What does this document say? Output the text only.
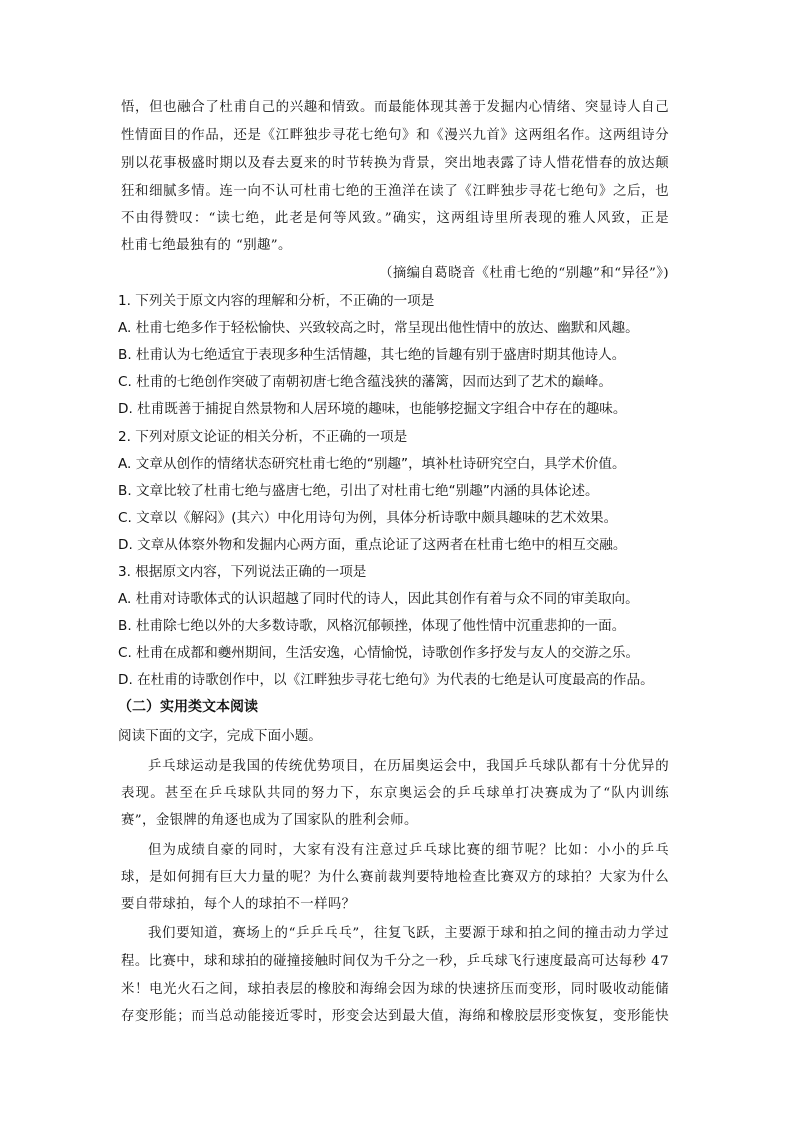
悟，但也融合了杜甫自己的兴趣和情致。而最能体现其善于发掘内心情绪、突显诗人自己
性情面目的作品，还是《江畔独步寻花七绝句》和《漫兴九首》这两组名作。这两组诗分
别以花事极盛时期以及春去夏来的时节转换为背景，突出地表露了诗人惜花惜春的放达颠
狂和细腻多情。连一向不认可杜甫七绝的王渔洋在读了《江畔独步寻花七绝句》之后，也
不由得赞叹：“读七绝，此老是何等风致。”确实，这两组诗里所表现的雅人风致，正是
杜甫七绝最独有的 “别趣”。
（摘编自葛晓音《杜甫七绝的“别趣”和“异径”》)
1. 下列关于原文内容的理解和分析，不正确的一项是
A. 杜甫七绝多作于轻松愉快、兴致较高之时，常呈现出他性情中的放达、幽默和风趣。
B. 杜甫认为七绝适宜于表现多种生活情趣，其七绝的旨趣有别于盛唐时期其他诗人。
C. 杜甫的七绝创作突破了南朝初唐七绝含蕴浅狭的藩篱，因而达到了艺术的巅峰。
D. 杜甫既善于捕捉自然景物和人居环境的趣味，也能够挖掘文字组合中存在的趣味。
2. 下列对原文论证的相关分析，不正确的一项是
A. 文章从创作的情绪状态研究杜甫七绝的“别趣”，填补杜诗研究空白，具学术价值。
B. 文章比较了杜甫七绝与盛唐七绝，引出了对杜甫七绝“别趣”内涵的具体论述。
C. 文章以《解闷》(其六）中化用诗句为例，具体分析诗歌中颇具趣味的艺术效果。
D. 文章从体察外物和发掘内心两方面，重点论证了这两者在杜甫七绝中的相互交融。
3. 根据原文内容，下列说法正确的一项是
A. 杜甫对诗歌体式的认识超越了同时代的诗人，因此其创作有着与众不同的审美取向。
B. 杜甫除七绝以外的大多数诗歌，风格沉郁顿挫，体现了他性情中沉重悲抑的一面。
C. 杜甫在成都和夔州期间，生活安逸，心情愉悦，诗歌创作多抒发与友人的交游之乐。
D. 在杜甫的诗歌创作中，以《江畔独步寻花七绝句》为代表的七绝是认可度最高的作品。
（二）实用类文本阅读
阅读下面的文字，完成下面小题。
乒乓球运动是我国的传统优势项目，在历届奥运会中，我国乒乓球队都有十分优异的
表现。甚至在乒乓球队共同的努力下，东京奥运会的乒乓球单打决赛成为了“队内训练
赛”，金银牌的角逐也成为了国家队的胜利会师。
但为成绩自豪的同时，大家有没有注意过乒乓球比赛的细节呢？比如：小小的乒乓
球，是如何拥有巨大力量的呢？为什么赛前裁判要特地检查比赛双方的球拍？大家为什么
要自带球拍，每个人的球拍不一样吗？
我们要知道，赛场上的“乒乒乓乓”，往复飞跃，主要源于球和拍之间的撞击动力学过
程。比赛中，球和球拍的碰撞接触时间仅为千分之一秒，乒乓球飞行速度最高可达每秒 47
米！电光火石之间，球拍表层的橡胶和海绵会因为球的快速挤压而变形，同时吸收动能储
存变形能；而当总动能接近零时，形变会达到最大值，海绵和橡胶层形变恢复，变形能快
